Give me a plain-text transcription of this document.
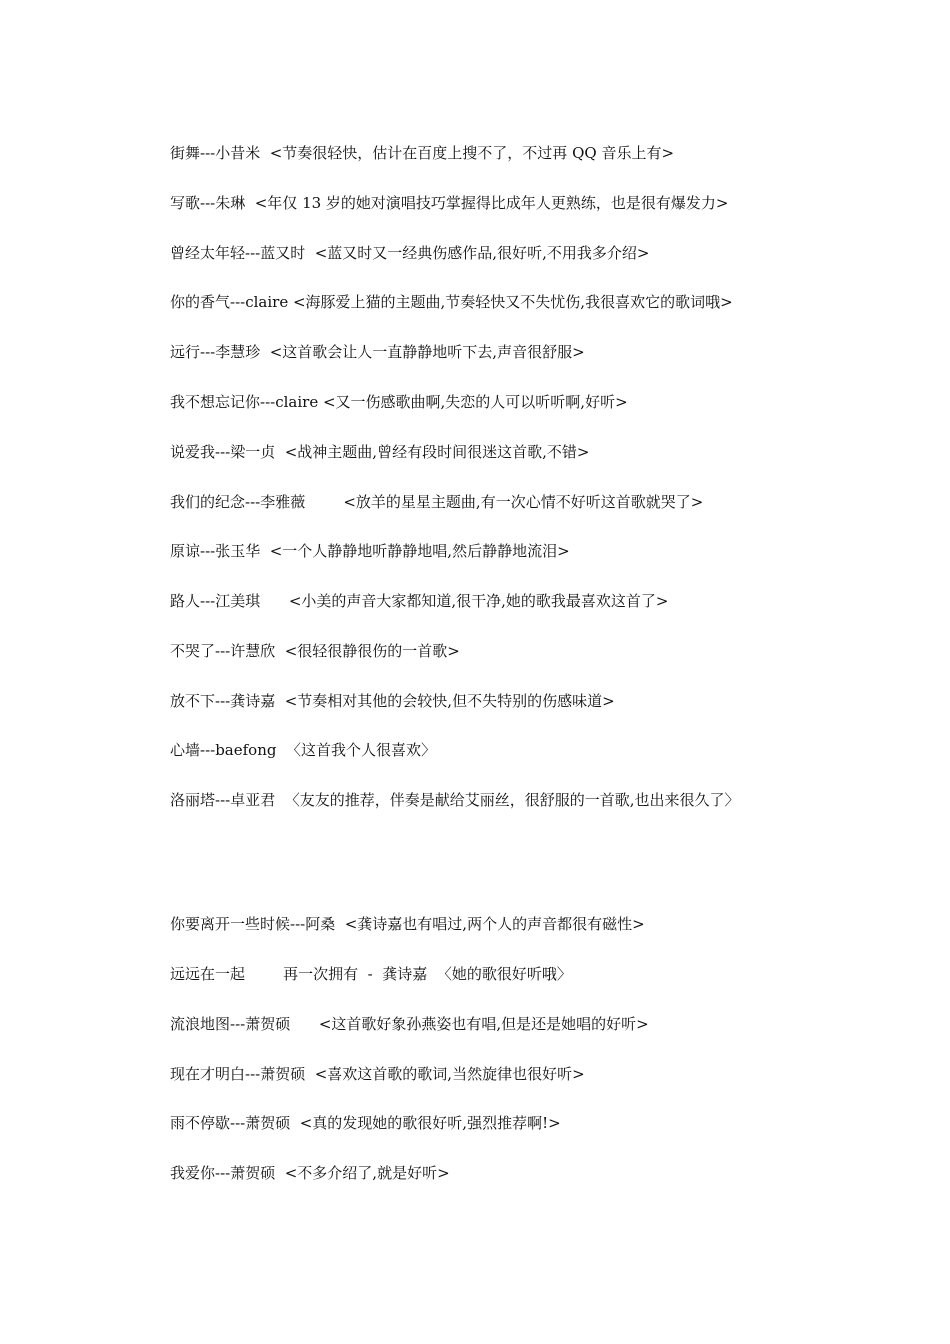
街舞---小昔米  <节奏很轻快，估计在百度上搜不了，不过再 QQ 音乐上有>
写歌---朱琳  <年仅 13 岁的她对演唱技巧掌握得比成年人更熟练，也是很有爆发力>
曾经太年轻---蓝又时  <蓝又时又一经典伤感作品,很好听,不用我多介绍>
你的香气---claire <海豚爱上猫的主题曲,节奏轻快又不失忧伤,我很喜欢它的歌词哦>
远行---李慧珍  <这首歌会让人一直静静地听下去,声音很舒服>
我不想忘记你---claire <又一伤感歌曲啊,失恋的人可以听听啊,好听>
说爱我---梁一贞  <战神主题曲,曾经有段时间很迷这首歌,不错>
我们的纪念---李雅薇        <放羊的星星主题曲,有一次心情不好听这首歌就哭了>
原谅---张玉华  <一个人静静地听静静地唱,然后静静地流泪>
路人---江美琪      <小美的声音大家都知道,很干净,她的歌我最喜欢这首了>
不哭了---许慧欣  <很轻很静很伤的一首歌>
放不下---龚诗嘉  <节奏相对其他的会较快,但不失特别的伤感味道>
心墙---baefong  〈这首我个人很喜欢〉
洛丽塔---卓亚君  〈友友的推荐，伴奏是献给艾丽丝，很舒服的一首歌,也出来很久了〉
你要离开一些时候---阿桑  <龚诗嘉也有唱过,两个人的声音都很有磁性>
远远在一起        再一次拥有  -  龚诗嘉  〈她的歌很好听哦〉
流浪地图---萧贺硕      <这首歌好象孙燕姿也有唱,但是还是她唱的好听>
现在才明白---萧贺硕  <喜欢这首歌的歌词,当然旋律也很好听>
雨不停歇---萧贺硕  <真的发现她的歌很好听,强烈推荐啊!>
我爱你---萧贺硕  <不多介绍了,就是好听>
